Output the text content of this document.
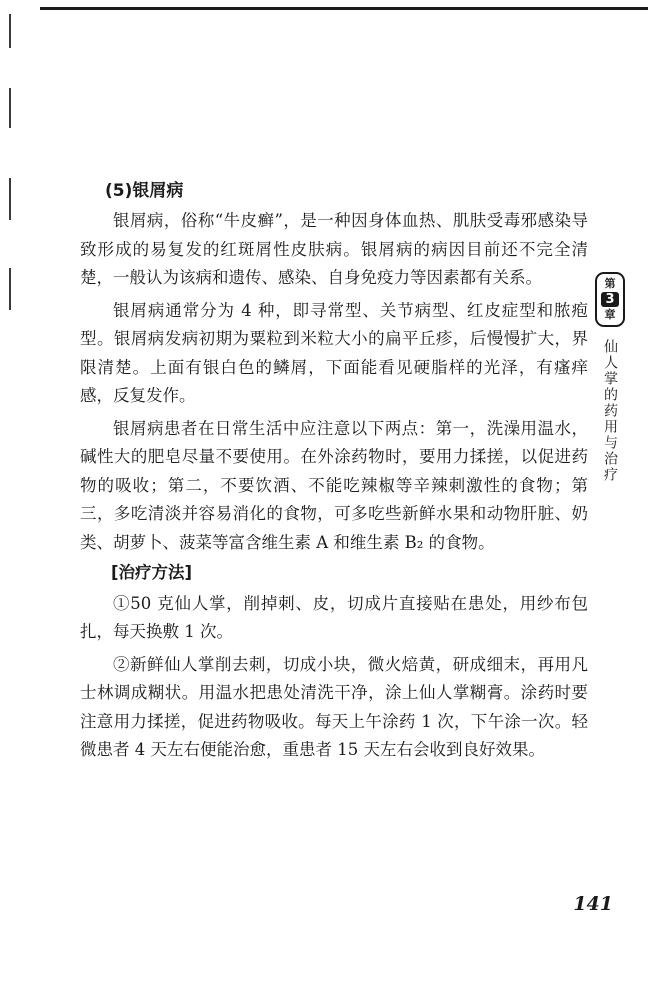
(5)银屑病

银屑病，俗称“牛皮癣”，是一种因身体血热、肌肤受毒邪感染导致形成的易复发的红斑屑性皮肤病。银屑病的病因目前还不完全清楚，一般认为该病和遗传、感染、自身免疫力等因素都有关系。

银屑病通常分为 4 种，即寻常型、关节病型、红皮症型和脓疱型。银屑病发病初期为粟粒到米粒大小的扁平丘疹，后慢慢扩大，界限清楚。上面有银白色的鳞屑，下面能看见硬脂样的光泽，有瘙痒感，反复发作。

银屑病患者在日常生活中应注意以下两点：第一，洗澡用温水，碱性大的肥皂尽量不要使用。在外涂药物时，要用力揉搓，以促进药物的吸收；第二，不要饮酒、不能吃辣椒等辛辣刺激性的食物；第三，多吃清淡并容易消化的食物，可多吃些新鲜水果和动物肝脏、奶类、胡萝卜、菠菜等富含维生素 A 和维生素 B₂ 的食物。

[治疗方法]

①50 克仙人掌，削掉刺、皮，切成片直接贴在患处，用纱布包扎，每天换敷 1 次。

②新鲜仙人掌削去刺，切成小块，微火焙黄，研成细末，再用凡士林调成糊状。用温水把患处清洗干净，涂上仙人掌糊膏。涂药时要注意用力揉搓，促进药物吸收。每天上午涂药 1 次，下午涂一次。轻微患者 4 天左右便能治愈，重患者 15 天左右会收到良好效果。

第
3
章
仙人掌的药用与治疗
141
